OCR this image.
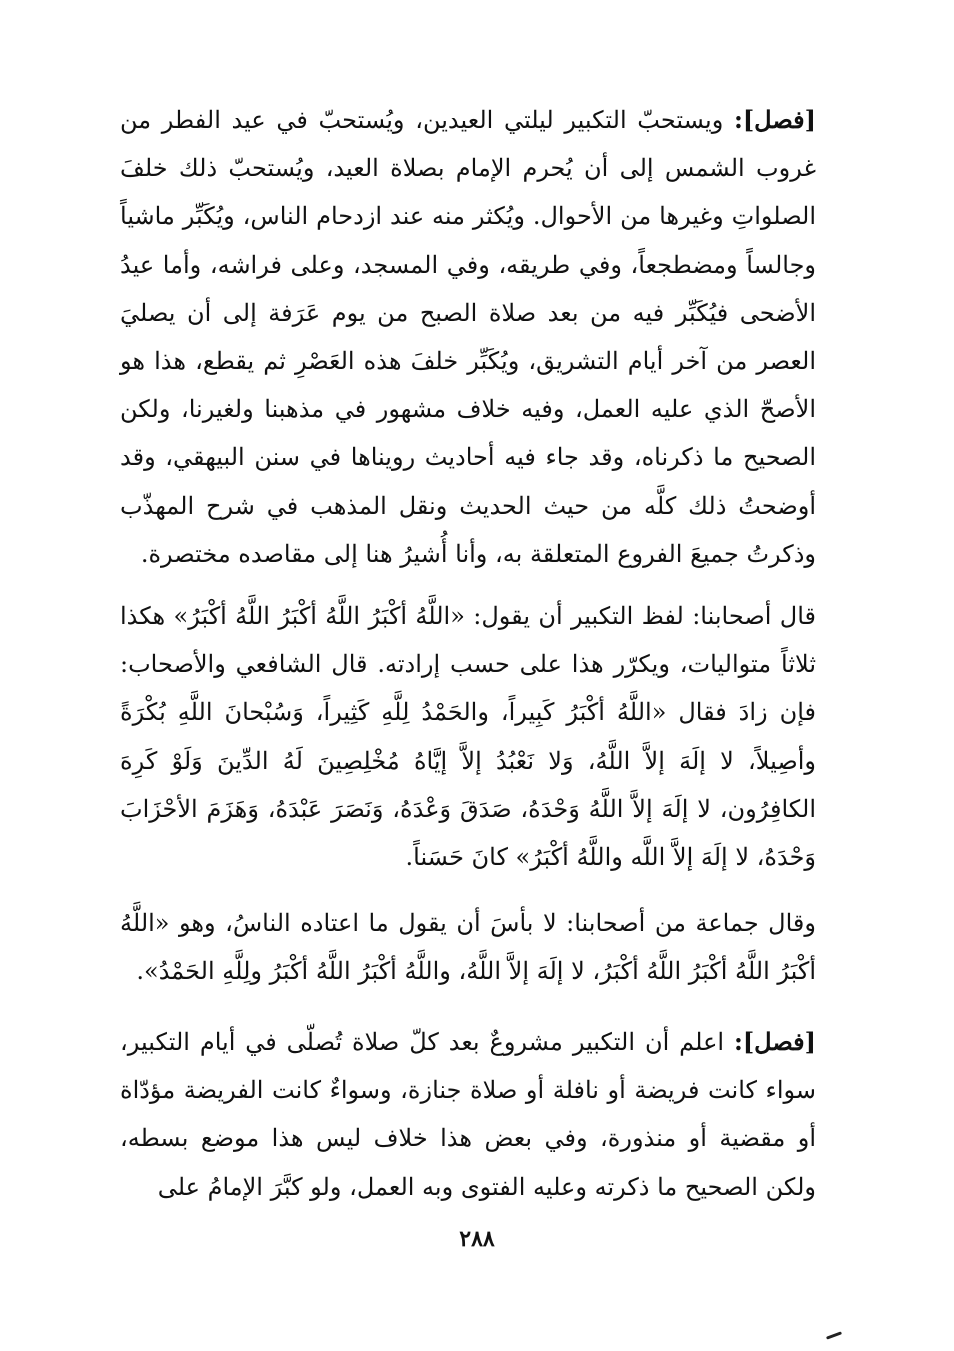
[فصل]: ويستحبّ التكبير ليلتي العيدين، ويُستحبّ في عيد الفطر من غروب الشمس إلى أن يُحرم الإمام بصلاة العيد، ويُستحبّ ذلك خلفَ الصلواتِ وغيرها من الأحوال. ويُكثر منه عند ازدحام الناس، ويُكَبِّر ماشياً وجالساً ومضطجعاً، وفي طريقه، وفي المسجد، وعلى فراشه، وأما عيدُ الأضحى فيُكَبِّر فيه من بعد صلاة الصبح من يوم عَرَفة إلى أن يصليَ العصر من آخر أيام التشريق، ويُكَبِّر خلفَ هذه العَصْرِ ثم يقطع، هذا هو الأصحّ الذي عليه العمل، وفيه خلاف مشهور في مذهبنا ولغيرنا، ولكن الصحيح ما ذكرناه، وقد جاء فيه أحاديث رويناها في سنن البيهقي، وقد أوضحتُ ذلك كلَّه من حيث الحديث ونقل المذهب في شرح المهذّب وذكرتُ جميعَ الفروع المتعلقة به، وأنا أُشيرُ هنا إلى مقاصده مختصرة.

قال أصحابنا: لفظ التكبير أن يقول: «اللَّهُ أكْبَرُ اللَّهُ أكْبَرُ اللَّهُ أكْبَرُ» هكذا ثلاثاً متواليات، ويكرّر هذا على حسب إرادته. قال الشافعي والأصحاب: فإن زادَ فقال «اللَّهُ أكْبَرُ كَبِيراً، والحَمْدُ لِلَّهِ كَثِيراً، وَسُبْحانَ اللَّهِ بُكْرَةً وأصِيلاً، لا إلَهَ إلاَّ اللَّهُ، وَلا نَعْبُدُ إلاَّ إيَّاهُ مُخْلِصِينَ لَهُ الدِّينَ وَلَوْ كَرِهَ الكافِرُون، لا إلَهَ إلاَّ اللَّهُ وَحْدَهُ، صَدَقَ وَعْدَهُ، وَنَصَرَ عَبْدَهُ، وَهَزَمَ الأحْزَابَ وَحْدَهُ، لا إلَهَ إلاَّ اللَّه واللَّهُ أكْبَرُ» كانَ حَسَناً.

وقال جماعة من أصحابنا: لا بأسَ أن يقول ما اعتاده الناسُ، وهو «اللَّهُ أكْبَرُ اللَّهُ أكْبَرُ اللَّهُ أكْبَرُ، لا إلَهَ إلاَّ اللَّهُ، واللَّهُ أكْبَرُ اللَّهُ أكْبَرُ ولِلَّهِ الحَمْدُ».

[فصل]: اعلم أن التكبير مشروعٌ بعد كلّ صلاة تُصلّى في أيام التكبير، سواء كانت فريضة أو نافلة أو صلاة جنازة، وسواءٌ كانت الفريضة مؤدّاة أو مقضية أو منذورة، وفي بعض هذا خلاف ليس هذا موضع بسطه، ولكن الصحيح ما ذكرته وعليه الفتوى وبه العمل، ولو كبَّرَ الإمامُ على

٢٨٨
